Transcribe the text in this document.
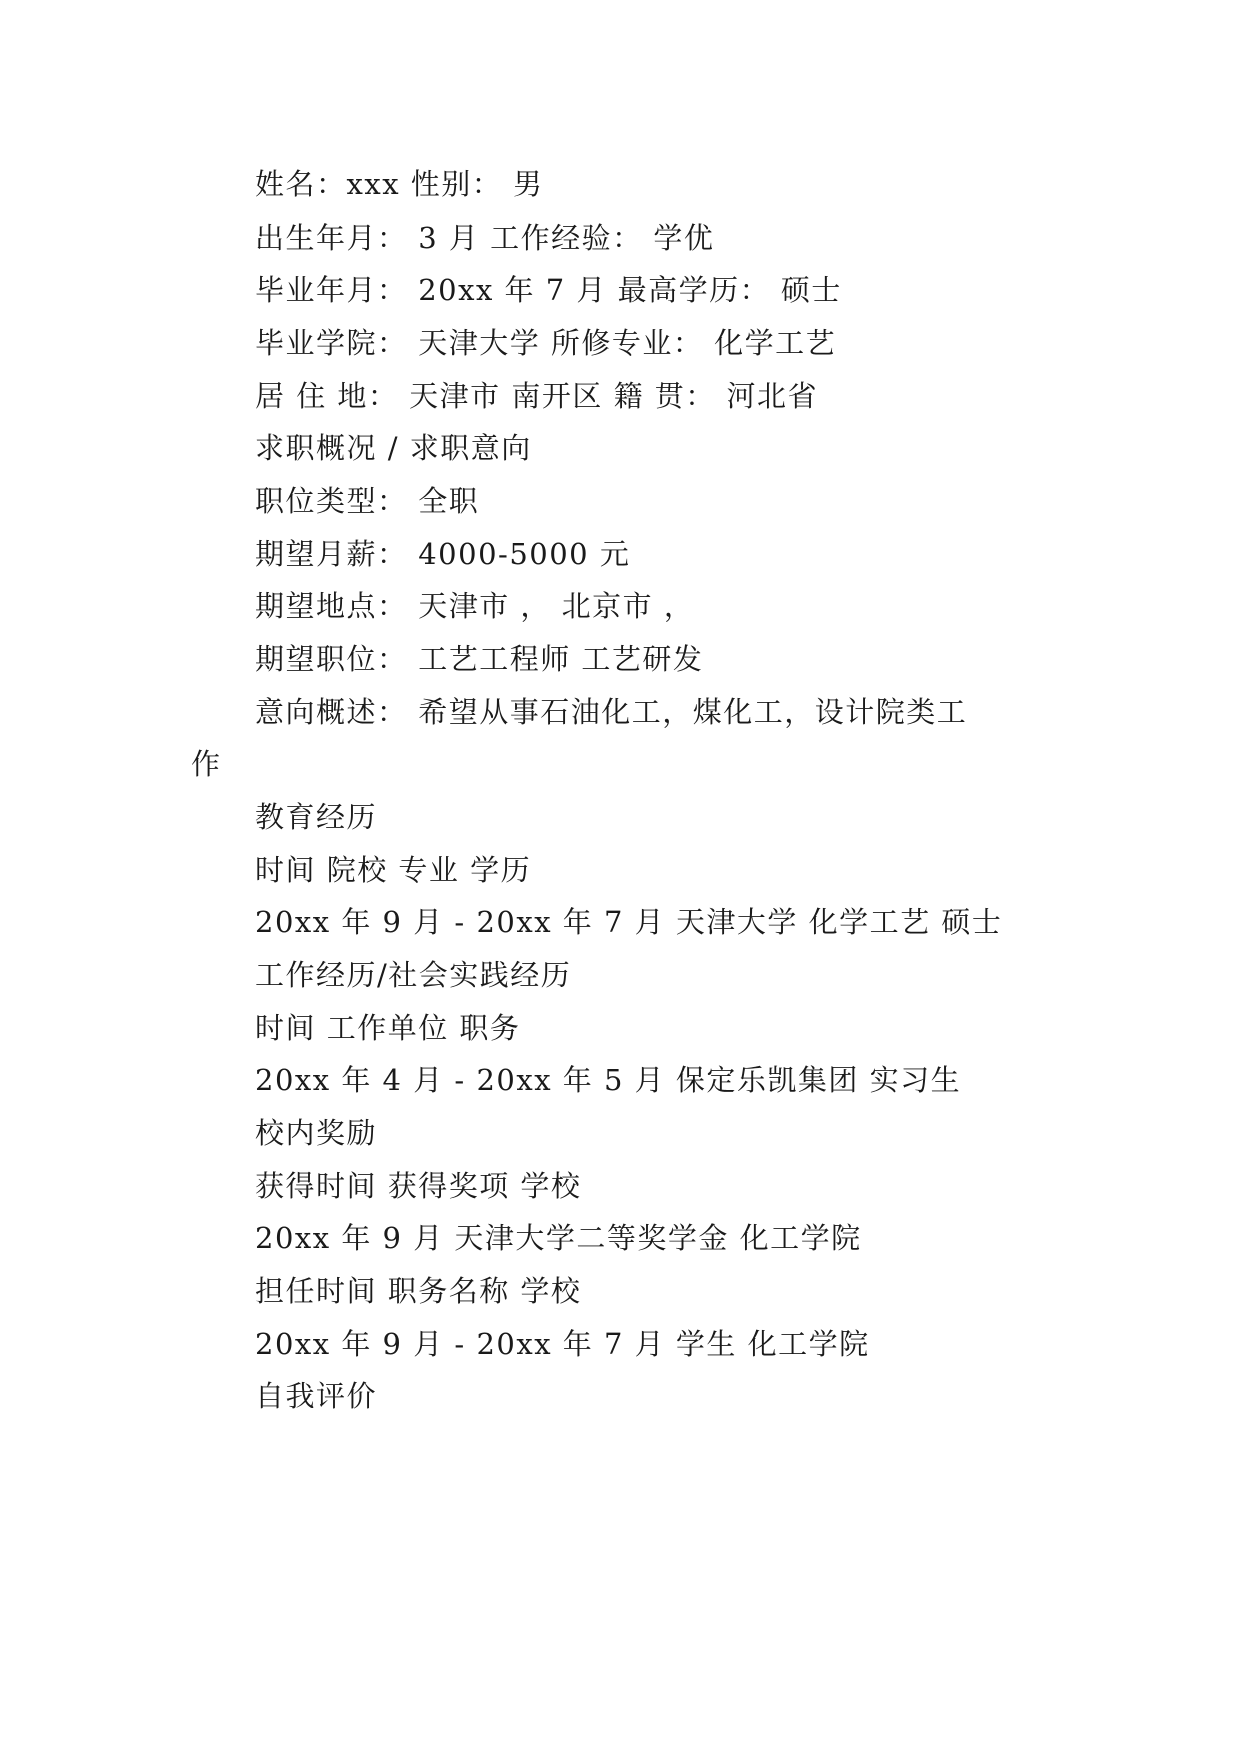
姓名：xxx 性别： 男
出生年月： 3 月 工作经验： 学优
毕业年月： 20xx 年 7 月 最高学历： 硕士
毕业学院： 天津大学 所修专业： 化学工艺
居 住 地： 天津市 南开区 籍 贯： 河北省
求职概况 / 求职意向
职位类型： 全职
期望月薪： 4000-5000 元
期望地点： 天津市 ， 北京市 ，
期望职位： 工艺工程师 工艺研发
意向概述： 希望从事石油化工，煤化工，设计院类工
作
教育经历
时间 院校 专业 学历
20xx 年 9 月 - 20xx 年 7 月 天津大学 化学工艺 硕士
工作经历/社会实践经历
时间 工作单位 职务
20xx 年 4 月 - 20xx 年 5 月 保定乐凯集团 实习生
校内奖励
获得时间 获得奖项 学校
20xx 年 9 月 天津大学二等奖学金 化工学院
担任时间 职务名称 学校
20xx 年 9 月 - 20xx 年 7 月 学生 化工学院
自我评价
